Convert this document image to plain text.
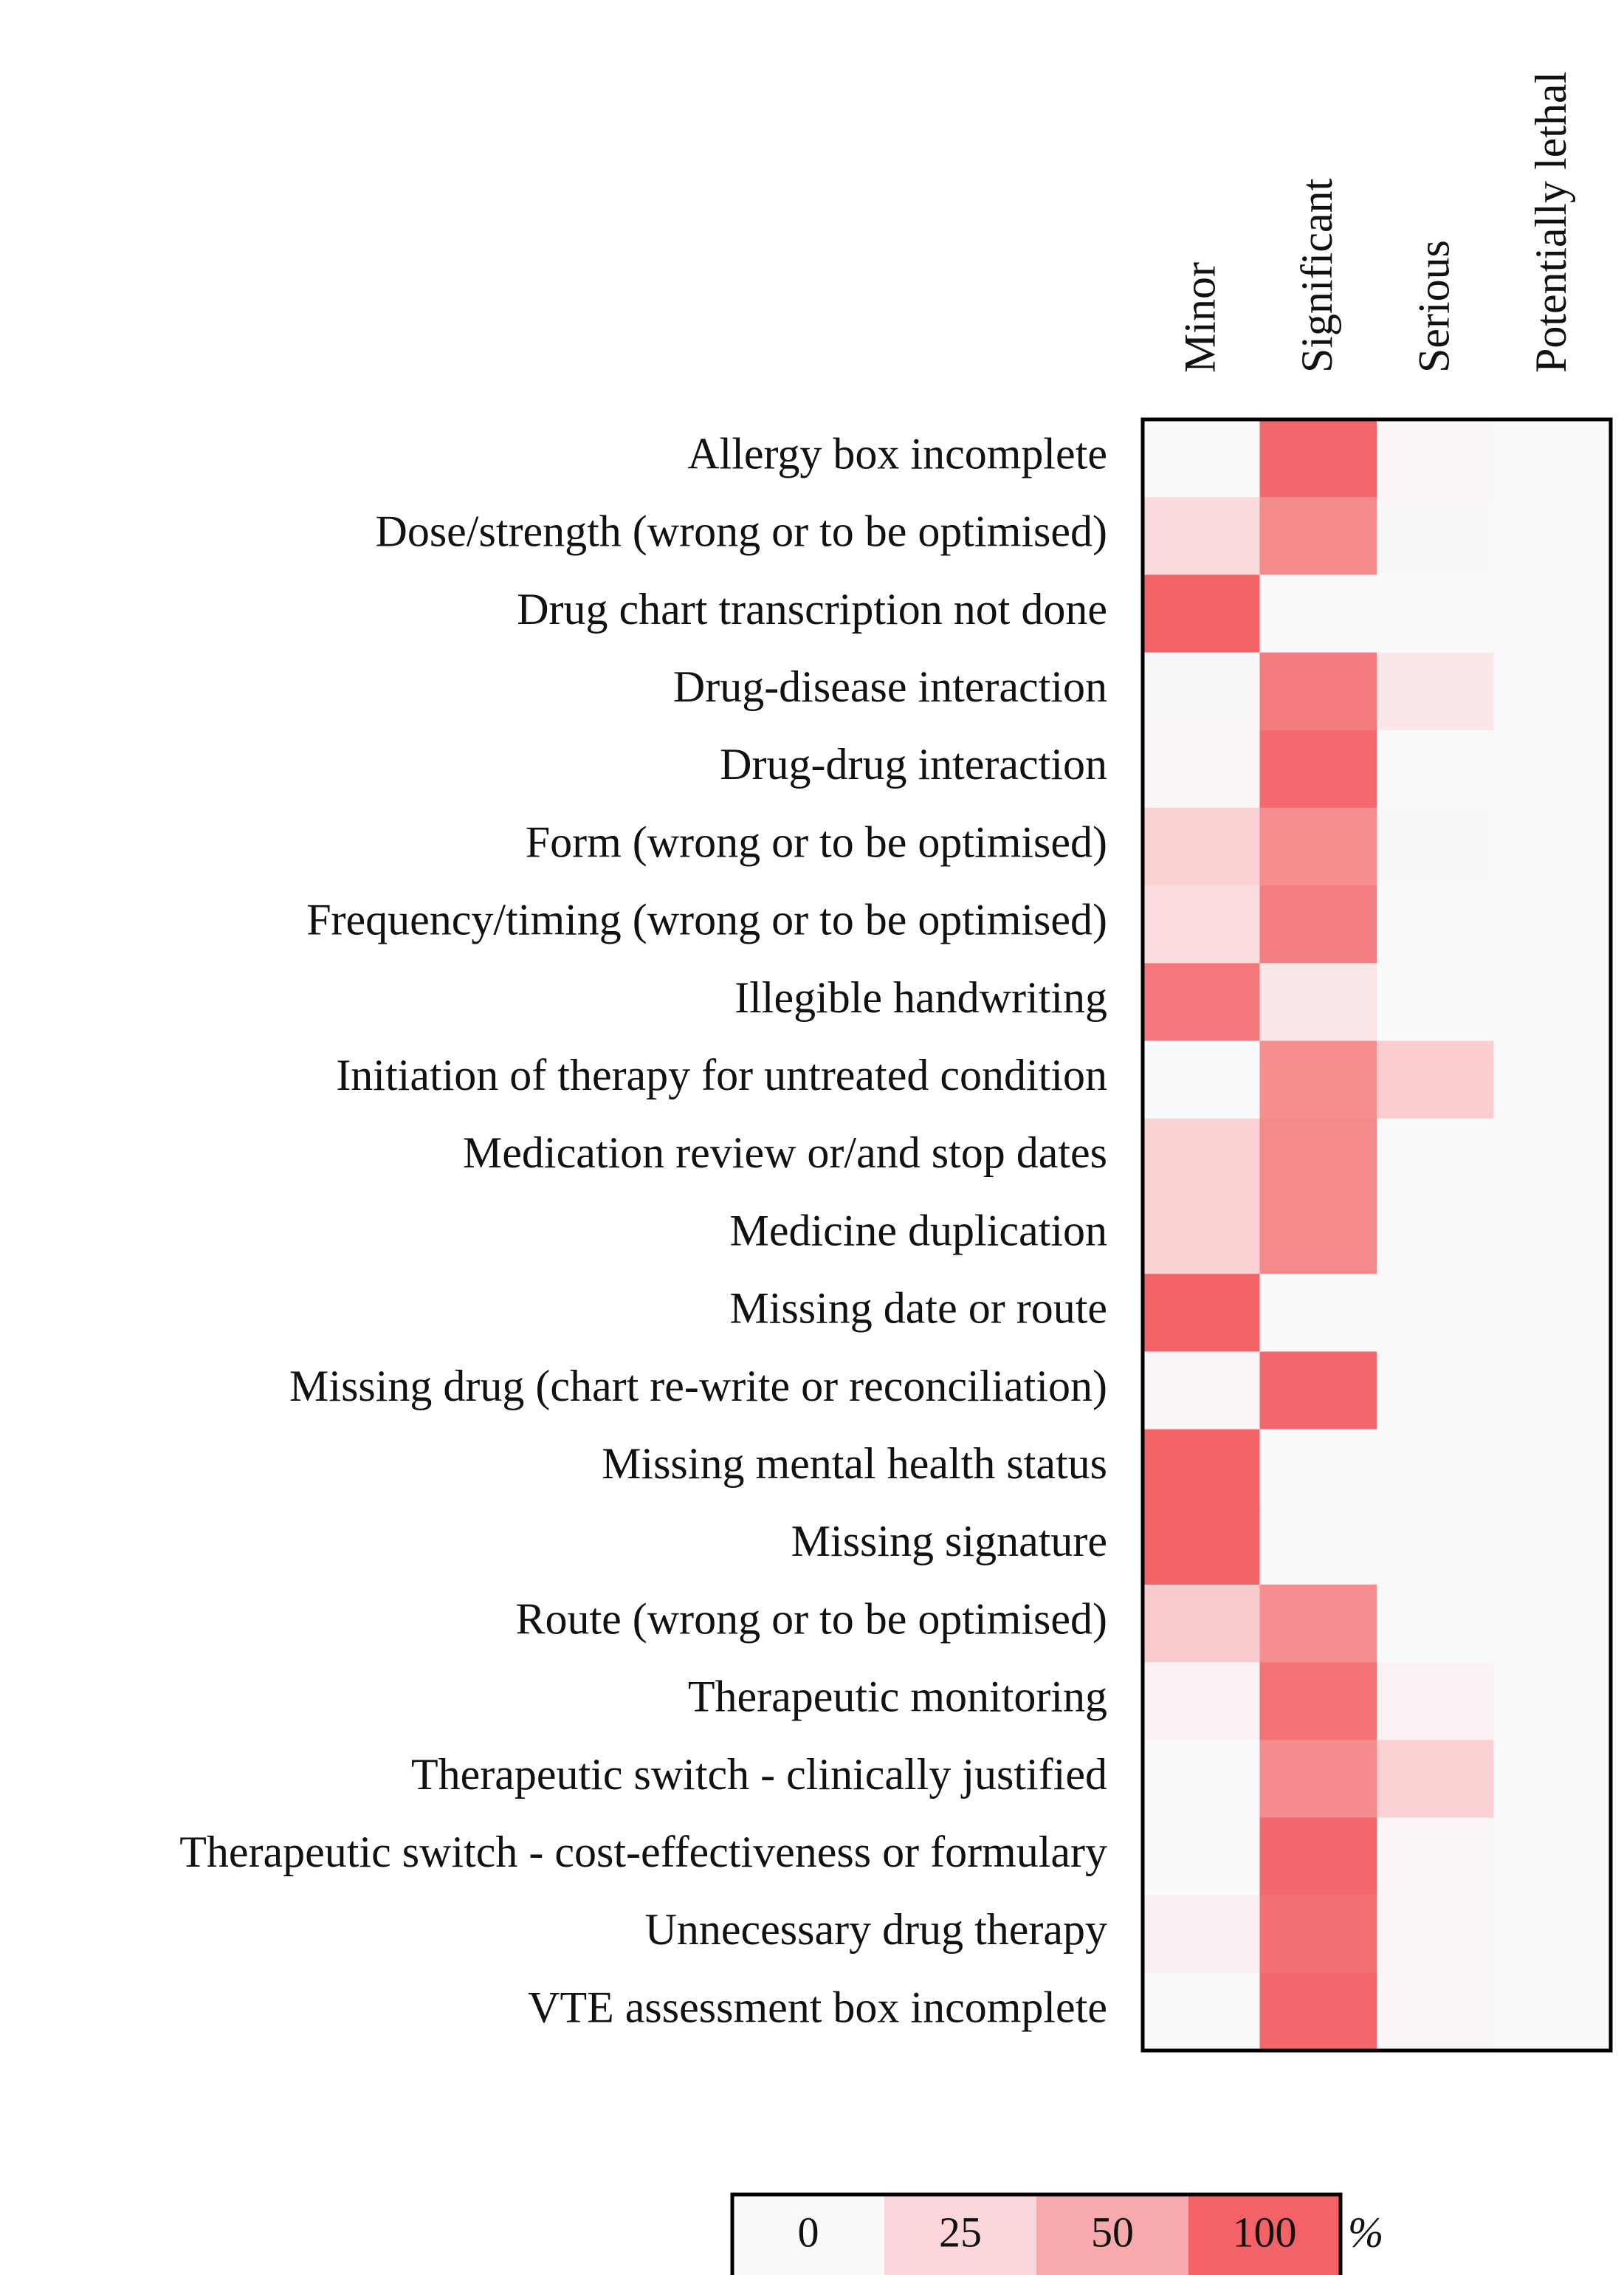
Minor Significant Serious Potentially lethal
Allergy box incomplete
Dose/strength (wrong or to be optimised)
Drug chart transcription not done
Drug-disease interaction
Drug-drug interaction
Form (wrong or to be optimised)
Frequency/timing (wrong or to be optimised)
Illegible handwriting
Initiation of therapy for untreated condition
Medication review or/and stop dates
Medicine duplication
Missing date or route
Missing drug (chart re-write or reconciliation)
Missing mental health status
Missing signature
Route (wrong or to be optimised)
Therapeutic monitoring
Therapeutic switch - clinically justified
Therapeutic switch - cost-effectiveness or formulary
Unnecessary drug therapy
VTE assessment box incomplete
0	25	50 100 %
